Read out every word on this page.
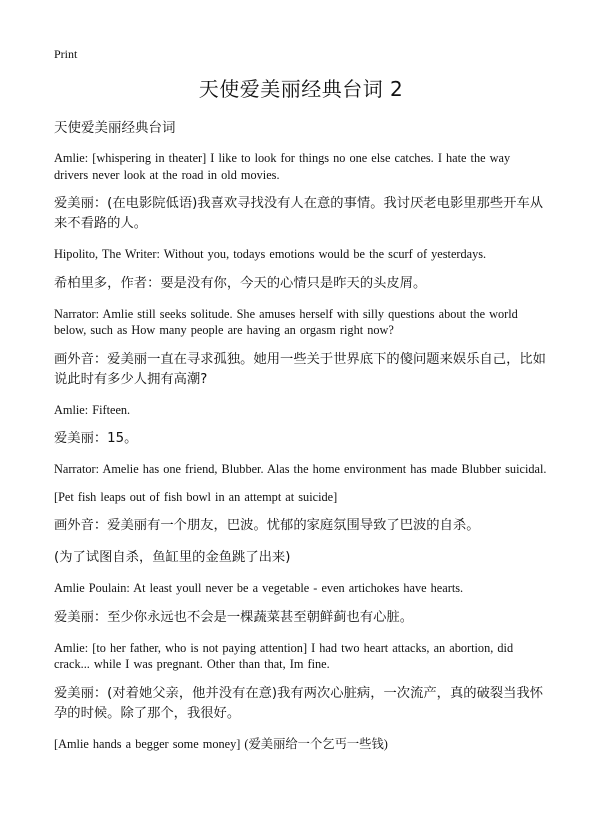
Print
天使爱美丽经典台词 2
天使爱美丽经典台词

Amlie: [whispering in theater] I like to look for things no one else catches. I hate the way drivers never look at the road in old movies.

爱美丽：(在电影院低语)我喜欢寻找没有人在意的事情。我讨厌老电影里那些开车从来不看路的人。

Hipolito, The Writer: Without you, todays emotions would be the scurf of yesterdays.

希柏里多，作者：要是没有你，今天的心情只是昨天的头皮屑。

Narrator: Amlie still seeks solitude. She amuses herself with silly questions about the world below, such as How many people are having an orgasm right now?

画外音：爱美丽一直在寻求孤独。她用一些关于世界底下的傻问题来娱乐自己，比如说此时有多少人拥有高潮?

Amlie: Fifteen.

爱美丽：15。

Narrator: Amelie has one friend, Blubber. Alas the home environment has made Blubber suicidal.

[Pet fish leaps out of fish bowl in an attempt at suicide]

画外音：爱美丽有一个朋友，巴波。忧郁的家庭氛围导致了巴波的自杀。

(为了试图自杀，鱼缸里的金鱼跳了出来)

Amlie Poulain: At least youll never be a vegetable - even artichokes have hearts.

爱美丽：至少你永远也不会是一棵蔬菜甚至朝鲜蓟也有心脏。

Amlie: [to her father, who is not paying attention] I had two heart attacks, an abortion, did crack... while I was pregnant. Other than that, Im fine.

爱美丽：(对着她父亲，他并没有在意)我有两次心脏病，一次流产，真的破裂当我怀孕的时候。除了那个，我很好。

[Amlie hands a begger some money] (爱美丽给一个乞丐一些钱)
